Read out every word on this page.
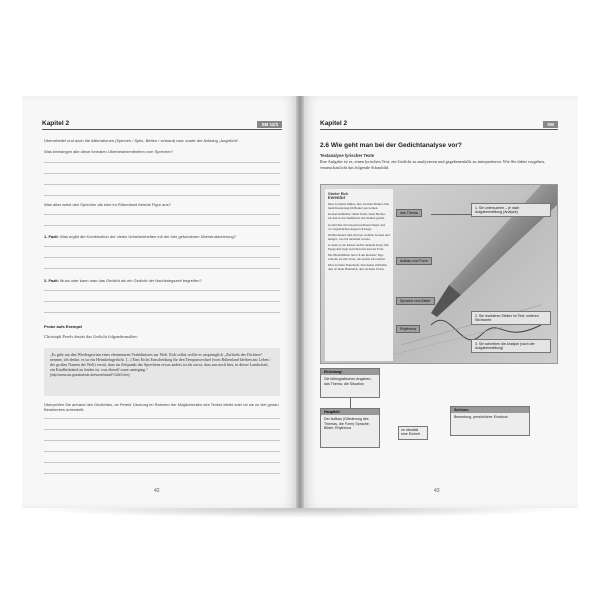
Kapitel 2	SM 11/3
Überarbeitet und auch die Alliterationen (Spinnen / Spitz, Betten / verbaut) usw. sowie der Anklang „Angelicht“.
Was bezwingen alle diese formalen Überbesetzentheiten vom Sprecher?
Was alles weist den Sprecher als eine im Rübenland fremde Figur aus?
1. Fazit: Was ergibt die Kombination der vielen Unbeiminheiten mit der hier gefundenen Überstrukturierung?
2. Fazit: Muss oder kann man das Gedicht als ein Gedicht der Nachkriegszeit begreifen?
Probe aufs Exempel
Christoph Perels deutet das Gedicht folgendermaßen:
„Es geht um den Wiedergewinn eines elementaren Verhältnisses zur Welt. Eich selbst wollte es ursprünglich „Zuflucht des Dichters“ nennen; ich denke, es ist ein Heimkehrgedicht. [...] Eins Eichs Entscheidung für den Tempuswechsel (vom Rübenland bleiben am Leben / der großen Namen der Welt) verrät, dass im Zeitpunkt das Sprechens etwas anders ist als zuvor, dass nur noch hier, in dieser Landschaft, ein Kindheitsland zu finden ist, was überall sonst unterging.“
(http://www.ost-grundschule.de/home/www/FOUNS.htm)
Überprüfen Sie anhand des Gedichtes, ob Perels' Deutung im Rahmen der Möglichkeiten des Textes bleibt oder ob sie zu viel genau Bestimmtes unterstellt.
42
Kapitel 2	SM
2.6 Wie geht man bei der Gedichtanalyse vor?
Textanalyse lyrischer Texte
Ihre Aufgabe ist es, einen lyrischen Text, ein Gedicht zu analysieren und gegebenenfalls zu interpretieren. Wie Sie dabei vorgehen, veranschaulicht das folgende Schaubild.
Günter Eich
Inventur
Dies ist meine Mütze, dies ist mein Mantel, hier mein Rasierzeug im Beutel aus Leinen.
Konservenbüchse: Mein Teller, mein Becher, ich hab in das Weißblech den Namen geritzt.
Geritzt hier mit diesem kostbaren Nagel, den vor begehrlichen Augen ich berge.
Im Brotbeutel sind ein Paar wollene Socken und einiges, was ich niemand verrate,
so dient es als Kissen nachts meinem Kopf. Die Pappe hier liegt zwischen mir und der Erde.
Die Bleistiftmine lieb ich am meisten: Tags schreibt sie mir Verse, die nachts ich erdacht.
Dies ist mein Notizbuch, dies meine Zeltbahn, dies ist mein Handtuch, dies ist mein Zwirn.
das Thema
Aufbau und Form
Sprache und Bilder
Rhythmus
1. Sie untersuchen – je nach Aufgabenstellung (Analyse)
2. Sie markieren Stellen im Text, notieren Stichworte
3. Sie schreiben die Analyse (nach der Aufgabenstellung)
Einleitung:
Die bibliografischen Angaben, das Thema, die Situation
Hauptteil:
Der Aufbau (Gliederung des Themas, die Form) Sprache, Bilder, Rhythmus	im Idealfall eine Einheit
Schluss:
Bewertung, persönlicher Eindruck
43
